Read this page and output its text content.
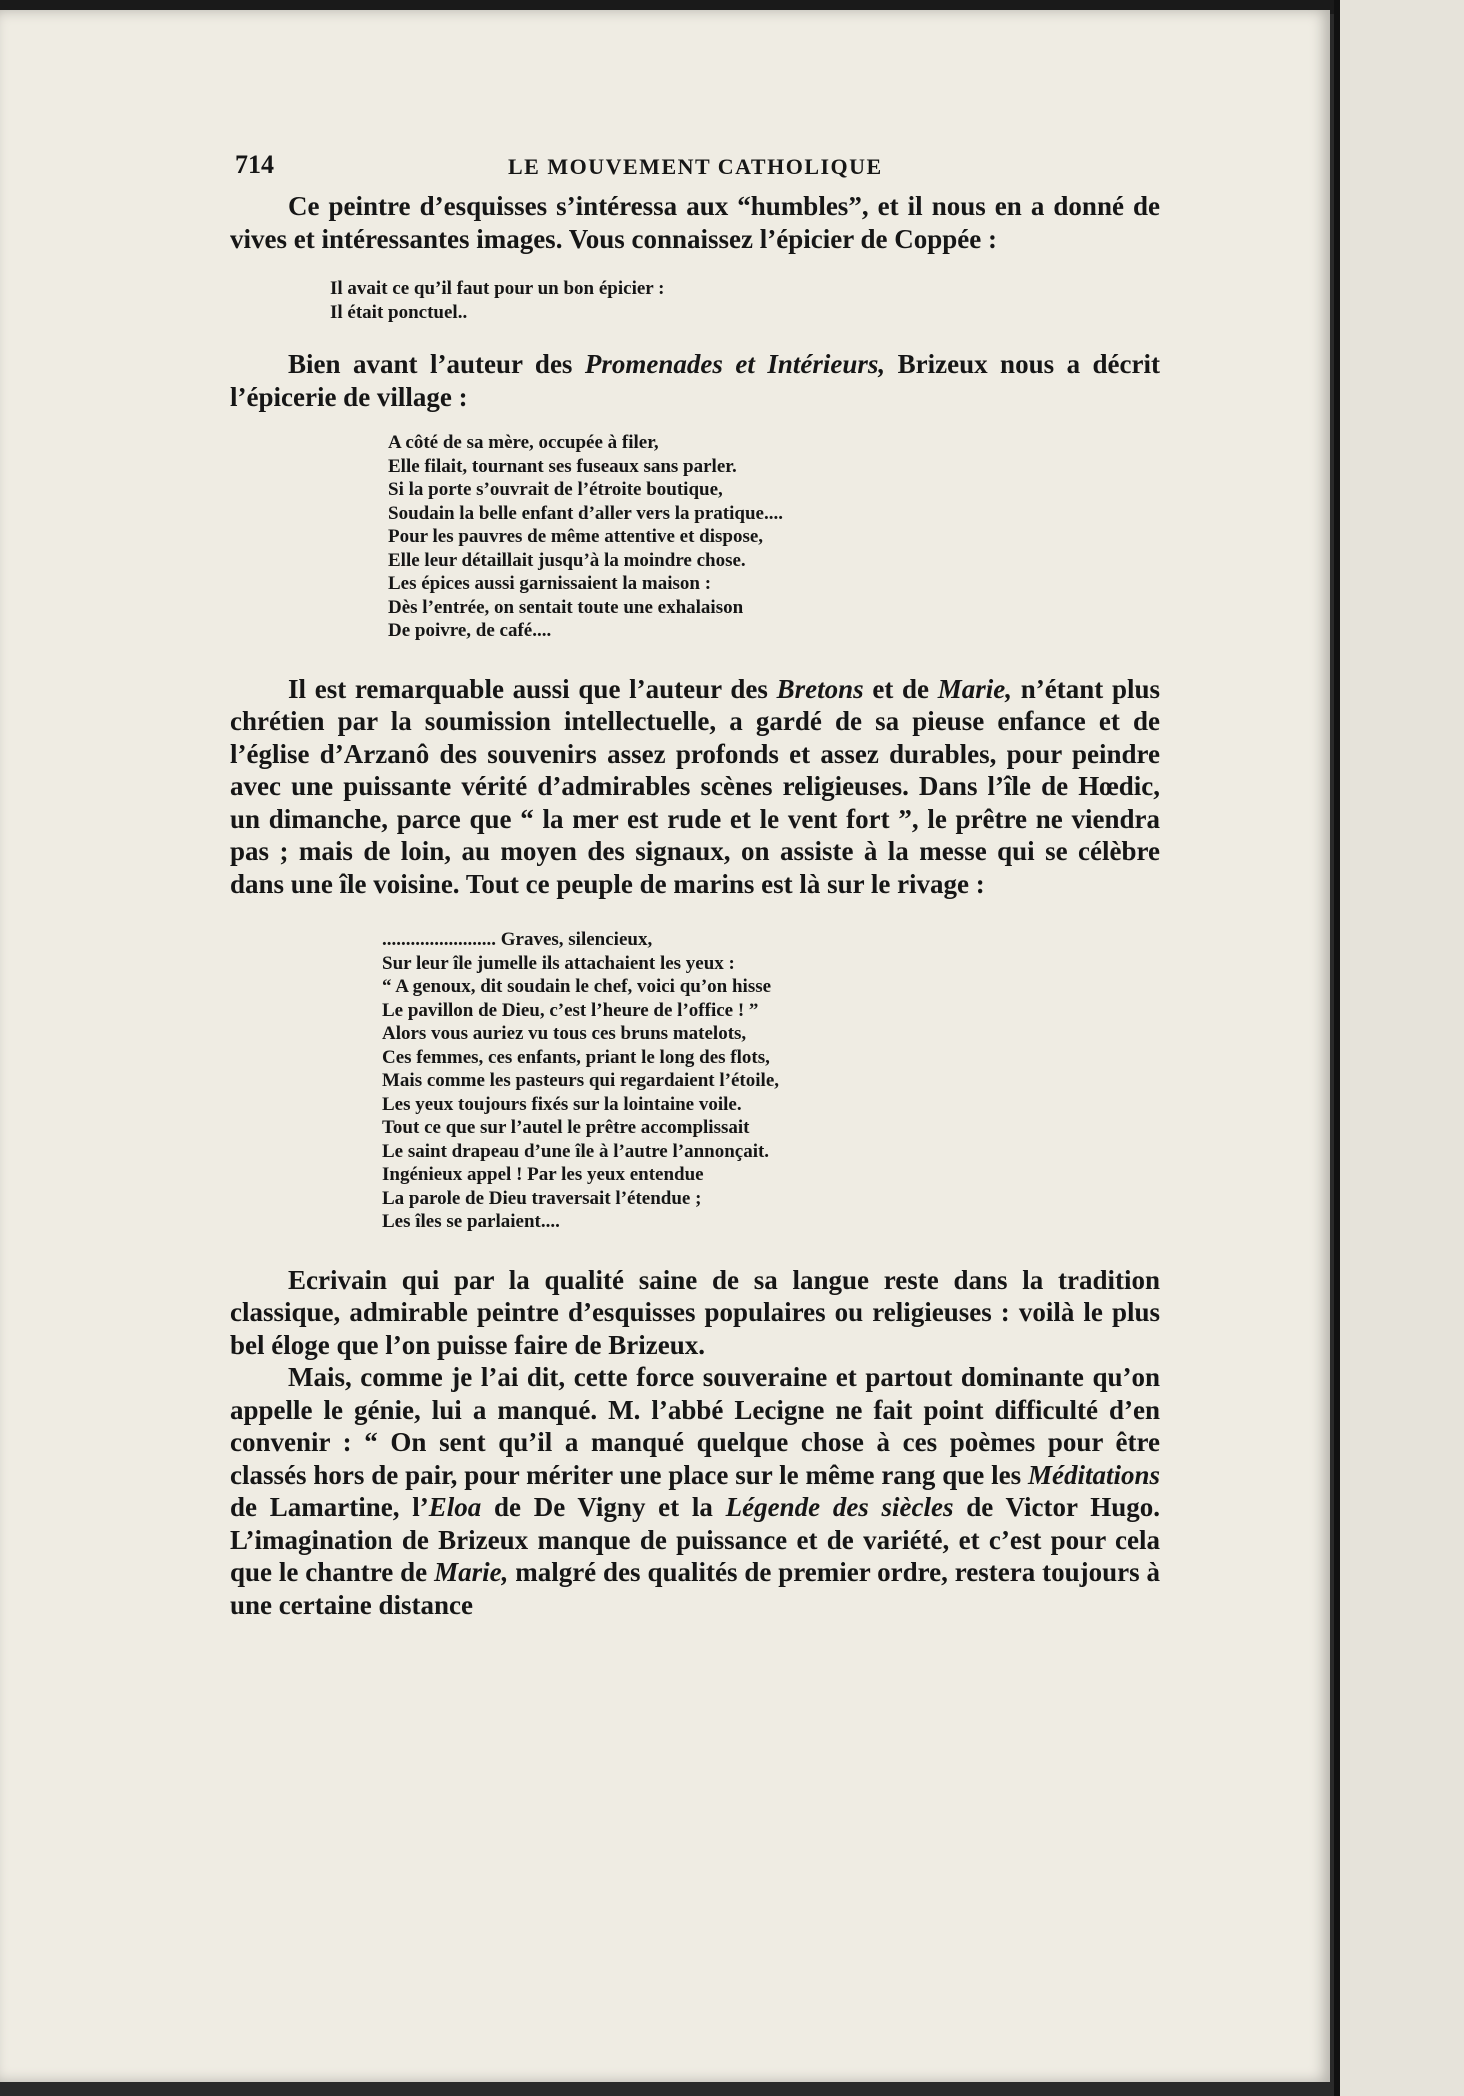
714	LE MOUVEMENT CATHOLIQUE

Ce peintre d’esquisses s’intéressa aux “humbles”, et il nous en a donné de vives et intéressantes images. Vous connaissez l’épicier de Coppée :

Il avait ce qu’il faut pour un bon épicier :
Il était ponctuel..

Bien avant l’auteur des Promenades et Intérieurs, Brizeux nous a décrit l’épicerie de village :

A côté de sa mère, occupée à filer,
Elle filait, tournant ses fuseaux sans parler.
Si la porte s’ouvrait de l’étroite boutique,
Soudain la belle enfant d’aller vers la pratique....
Pour les pauvres de même attentive et dispose,
Elle leur détaillait jusqu’à la moindre chose.
Les épices aussi garnissaient la maison :
Dès l’entrée, on sentait toute une exhalaison
De poivre, de café....

Il est remarquable aussi que l’auteur des Bretons et de Marie, n’étant plus chrétien par la soumission intellectuelle, a gardé de sa pieuse enfance et de l’église d’Arzanô des souvenirs assez profonds et assez durables, pour peindre avec une puissante vérité d’admirables scènes religieuses. Dans l’île de Hœdic, un dimanche, parce que “ la mer est rude et le vent fort ”, le prêtre ne viendra pas ; mais de loin, au moyen des signaux, on assiste à la messe qui se célèbre dans une île voisine. Tout ce peuple de marins est là sur le rivage :

........................ Graves, silencieux,
Sur leur île jumelle ils attachaient les yeux :
“ A genoux, dit soudain le chef, voici qu’on hisse
Le pavillon de Dieu, c’est l’heure de l’office ! ”
Alors vous auriez vu tous ces bruns matelots,
Ces femmes, ces enfants, priant le long des flots,
Mais comme les pasteurs qui regardaient l’étoile,
Les yeux toujours fixés sur la lointaine voile.
Tout ce que sur l’autel le prêtre accomplissait
Le saint drapeau d’une île à l’autre l’annonçait.
Ingénieux appel ! Par les yeux entendue
La parole de Dieu traversait l’étendue ;
Les îles se parlaient....

Ecrivain qui par la qualité saine de sa langue reste dans la tradition classique, admirable peintre d’esquisses populaires ou religieuses : voilà le plus bel éloge que l’on puisse faire de Brizeux.

Mais, comme je l’ai dit, cette force souveraine et partout dominante qu’on appelle le génie, lui a manqué. M. l’abbé Lecigne ne fait point difficulté d’en convenir : “ On sent qu’il a manqué quelque chose à ces poèmes pour être classés hors de pair, pour mériter une place sur le même rang que les Méditations de Lamartine, l’Eloa de De Vigny et la Légende des siècles de Victor Hugo. L’imagination de Brizeux manque de puissance et de variété, et c’est pour cela que le chantre de Marie, malgré des qualités de premier ordre, restera toujours à une certaine distance
